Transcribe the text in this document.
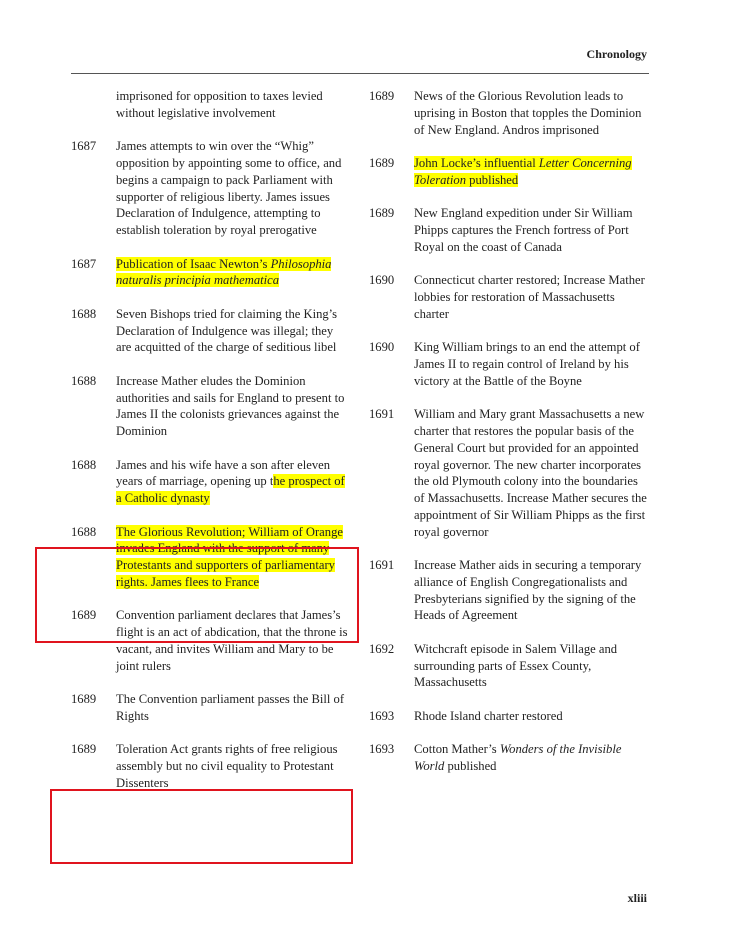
Chronology
imprisoned for opposition to taxes levied without legislative involvement
1687	James attempts to win over the “Whig” opposition by appointing some to office, and begins a campaign to pack Parliament with supporter of religious liberty. James issues Declaration of Indulgence, attempting to establish toleration by royal prerogative
1687	Publication of Isaac Newton’s Philosophia naturalis principia mathematica
1688	Seven Bishops tried for claiming the King’s Declaration of Indulgence was illegal; they are acquitted of the charge of seditious libel
1688	Increase Mather eludes the Dominion authorities and sails for England to present to James II the colonists grievances against the Dominion
1688	James and his wife have a son after eleven years of marriage, opening up the prospect of a Catholic dynasty
1688	The Glorious Revolution; William of Orange invades England with the support of many Protestants and supporters of parliamentary rights. James flees to France
1689	Convention parliament declares that James’s flight is an act of abdication, that the throne is vacant, and invites William and Mary to be joint rulers
1689	The Convention parliament passes the Bill of Rights
1689	Toleration Act grants rights of free religious assembly but no civil equality to Protestant Dissenters
1689	News of the Glorious Revolution leads to uprising in Boston that topples the Dominion of New England. Andros imprisoned
1689	John Locke’s influential Letter Concerning Toleration published
1689	New England expedition under Sir William Phipps captures the French fortress of Port Royal on the coast of Canada
1690	Connecticut charter restored; Increase Mather lobbies for restoration of Massachusetts charter
1690	King William brings to an end the attempt of James II to regain control of Ireland by his victory at the Battle of the Boyne
1691	William and Mary grant Massachusetts a new charter that restores the popular basis of the General Court but provided for an appointed royal governor. The new charter incorporates the old Plymouth colony into the boundaries of Massachusetts. Increase Mather secures the appointment of Sir William Phipps as the first royal governor
1691	Increase Mather aids in securing a temporary alliance of English Congregationalists and Presbyterians signified by the signing of the Heads of Agreement
1692	Witchcraft episode in Salem Village and surrounding parts of Essex County, Massachusetts
1693	Rhode Island charter restored
1693	Cotton Mather’s Wonders of the Invisible World published
xliii
